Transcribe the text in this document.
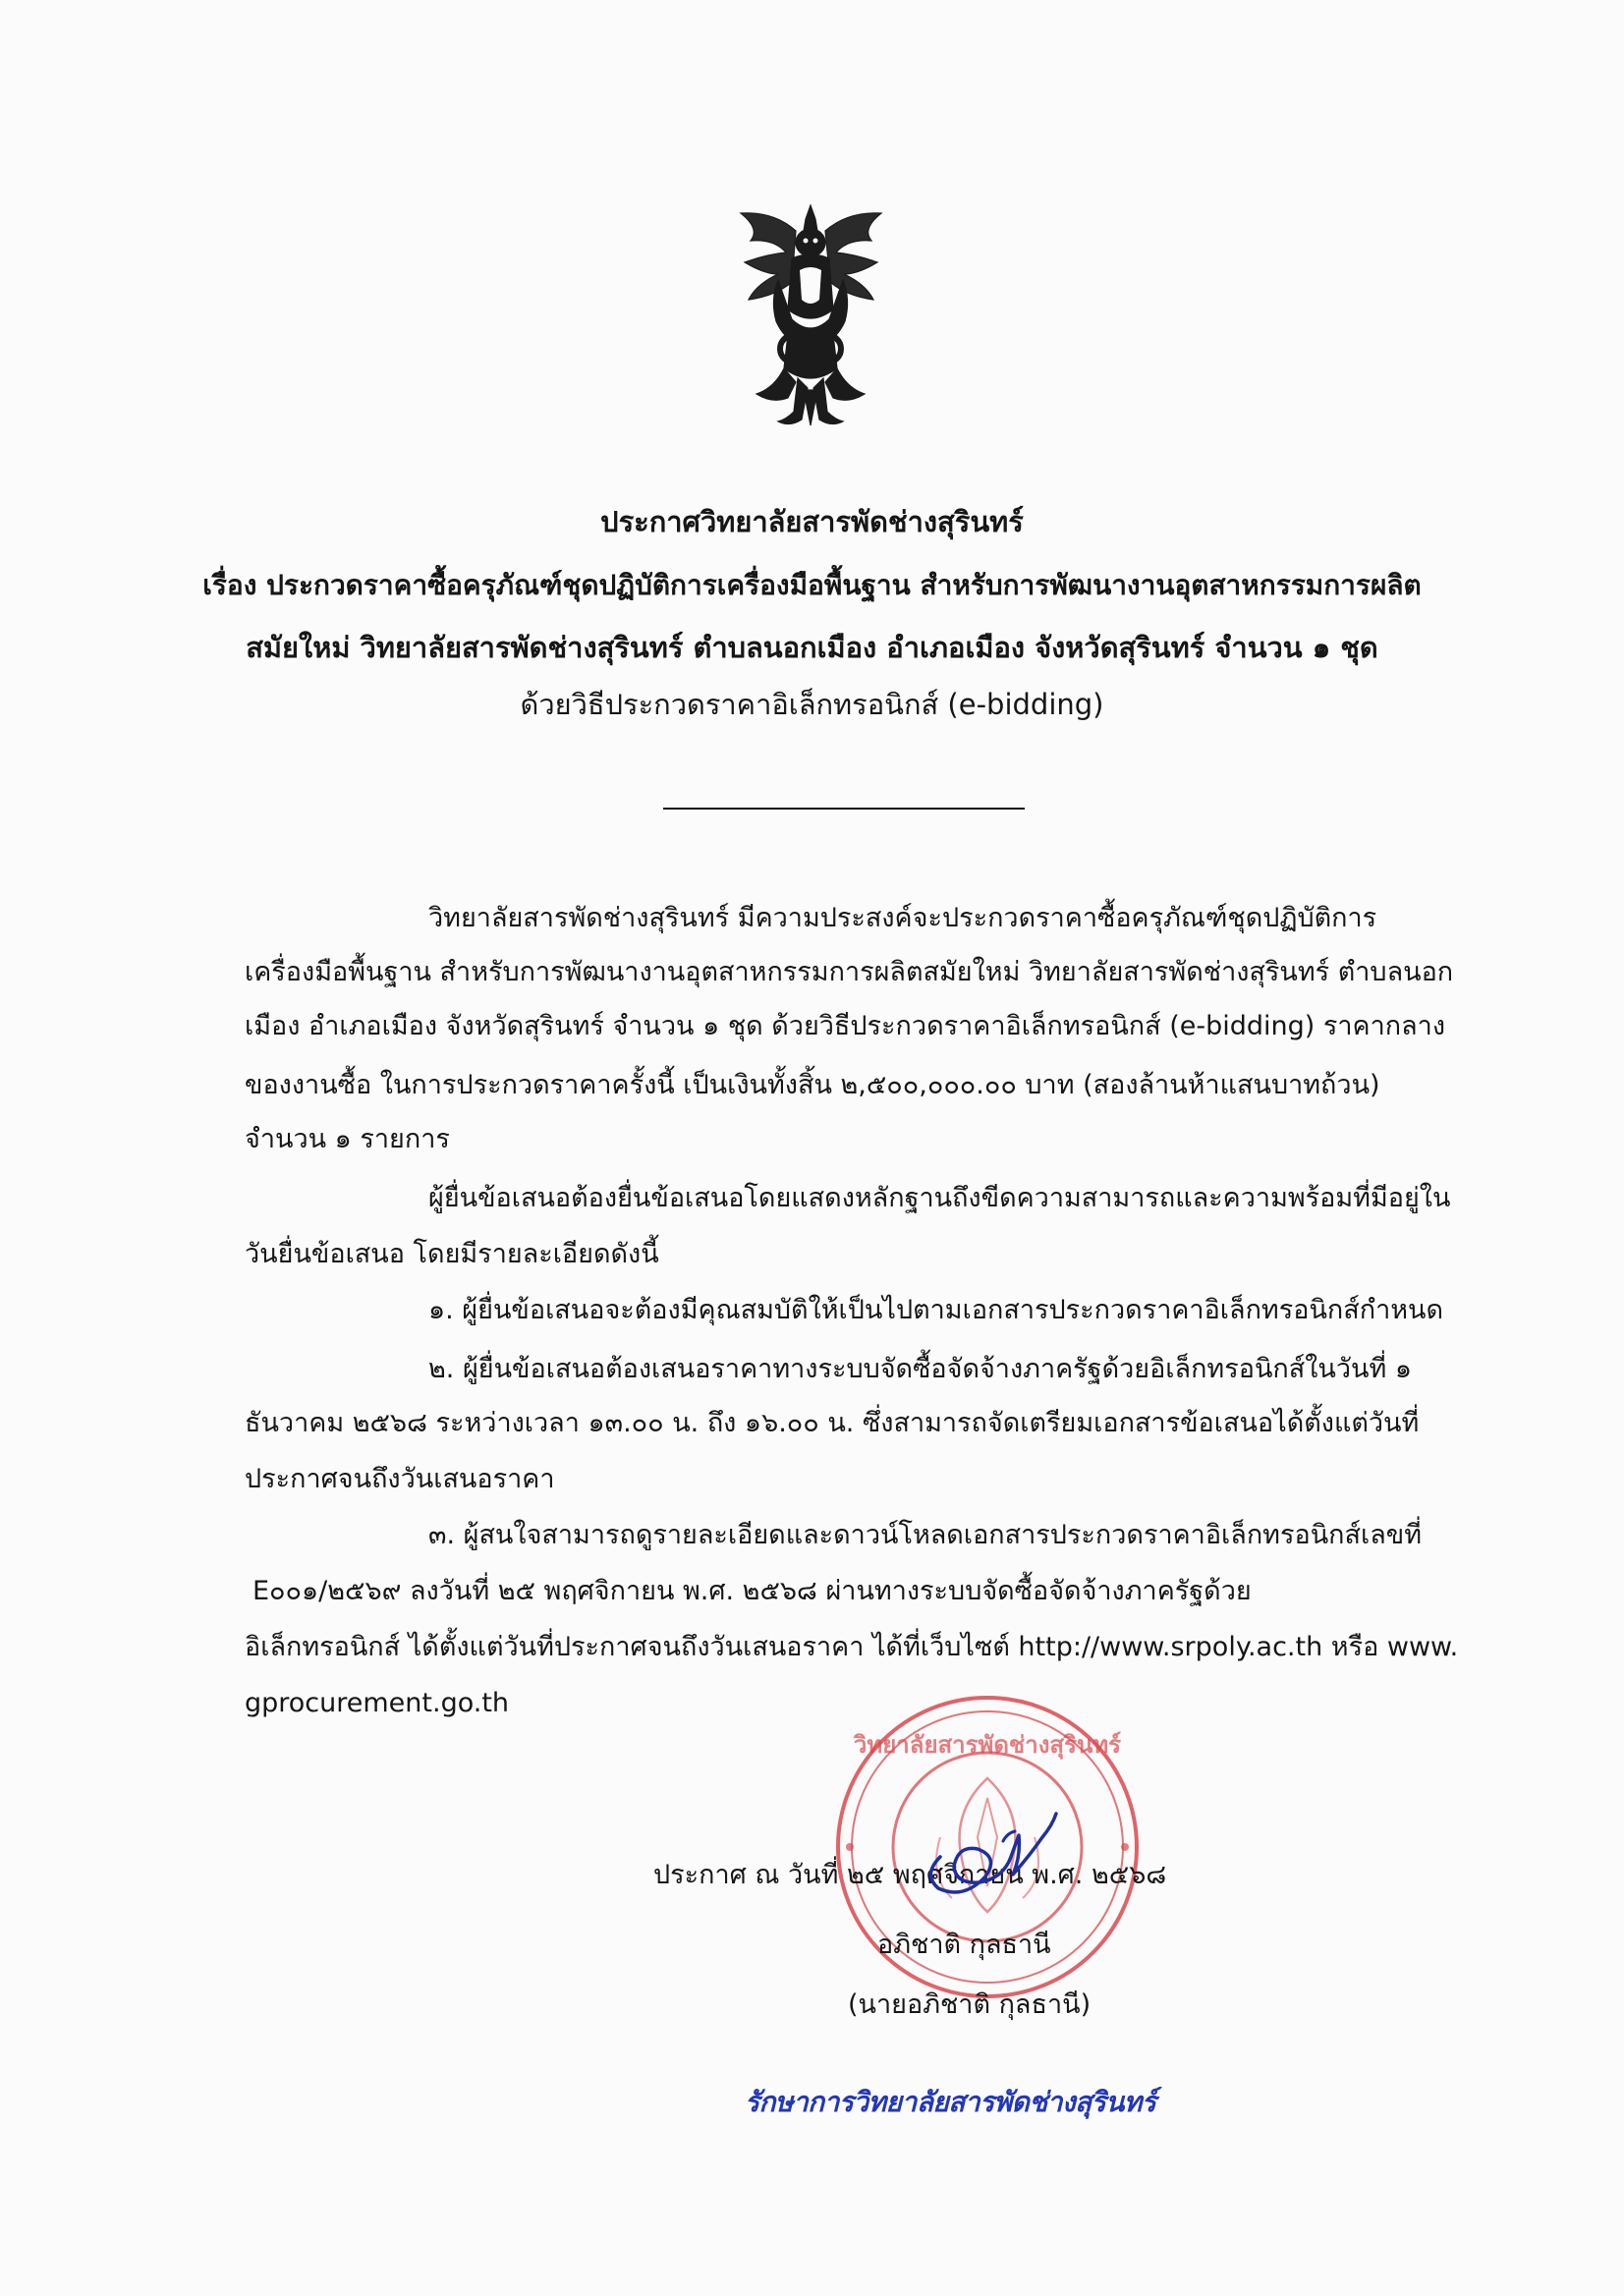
ประกาศวิทยาลัยสารพัดช่างสุรินทร์

เรื่อง ประกวดราคาซื้อครุภัณฑ์ชุดปฏิบัติการเครื่องมือพื้นฐาน สำหรับการพัฒนางานอุตสาหกรรมการผลิต

สมัยใหม่ วิทยาลัยสารพัดช่างสุรินทร์ ตำบลนอกเมือง อำเภอเมือง จังหวัดสุรินทร์ จำนวน ๑ ชุด

ด้วยวิธีประกวดราคาอิเล็กทรอนิกส์ (e-bidding)

วิทยาลัยสารพัดช่างสุรินทร์ มีความประสงค์จะประกวดราคาซื้อครุภัณฑ์ชุดปฏิบัติการ

เครื่องมือพื้นฐาน สำหรับการพัฒนางานอุตสาหกรรมการผลิตสมัยใหม่ วิทยาลัยสารพัดช่างสุรินทร์ ตำบลนอก

เมือง อำเภอเมือง จังหวัดสุรินทร์ จำนวน ๑ ชุด ด้วยวิธีประกวดราคาอิเล็กทรอนิกส์ (e-bidding) ราคากลาง

ของงานซื้อ ในการประกวดราคาครั้งนี้ เป็นเงินทั้งสิ้น ๒,๕๐๐,๐๐๐.๐๐ บาท (สองล้านห้าแสนบาทถ้วน)

จำนวน ๑ รายการ

ผู้ยื่นข้อเสนอต้องยื่นข้อเสนอโดยแสดงหลักฐานถึงขีดความสามารถและความพร้อมที่มีอยู่ใน

วันยื่นข้อเสนอ โดยมีรายละเอียดดังนี้

๑. ผู้ยื่นข้อเสนอจะต้องมีคุณสมบัติให้เป็นไปตามเอกสารประกวดราคาอิเล็กทรอนิกส์กำหนด

๒. ผู้ยื่นข้อเสนอต้องเสนอราคาทางระบบจัดซื้อจัดจ้างภาครัฐด้วยอิเล็กทรอนิกส์ในวันที่ ๑

ธันวาคม ๒๕๖๘ ระหว่างเวลา ๑๓.๐๐ น. ถึง ๑๖.๐๐ น. ซึ่งสามารถจัดเตรียมเอกสารข้อเสนอได้ตั้งแต่วันที่

ประกาศจนถึงวันเสนอราคา

๓. ผู้สนใจสามารถดูรายละเอียดและดาวน์โหลดเอกสารประกวดราคาอิเล็กทรอนิกส์เลขที่

E๐๐๑/๒๕๖๙ ลงวันที่ ๒๕ พฤศจิกายน พ.ศ. ๒๕๖๘ ผ่านทางระบบจัดซื้อจัดจ้างภาครัฐด้วย

อิเล็กทรอนิกส์ ได้ตั้งแต่วันที่ประกาศจนถึงวันเสนอราคา ได้ที่เว็บไซต์ http://www.srpoly.ac.th หรือ www.

gprocurement.go.th

วิทยาลัยสารพัดช่างสุรินทร์
ประกาศ ณ วันที่ ๒๕ พฤศจิกายน พ.ศ. ๒๕๖๘
อภิชาติ กุลธานี
(นายอภิชาติ กุลธานี)
รักษาการวิทยาลัยสารพัดช่างสุรินทร์
